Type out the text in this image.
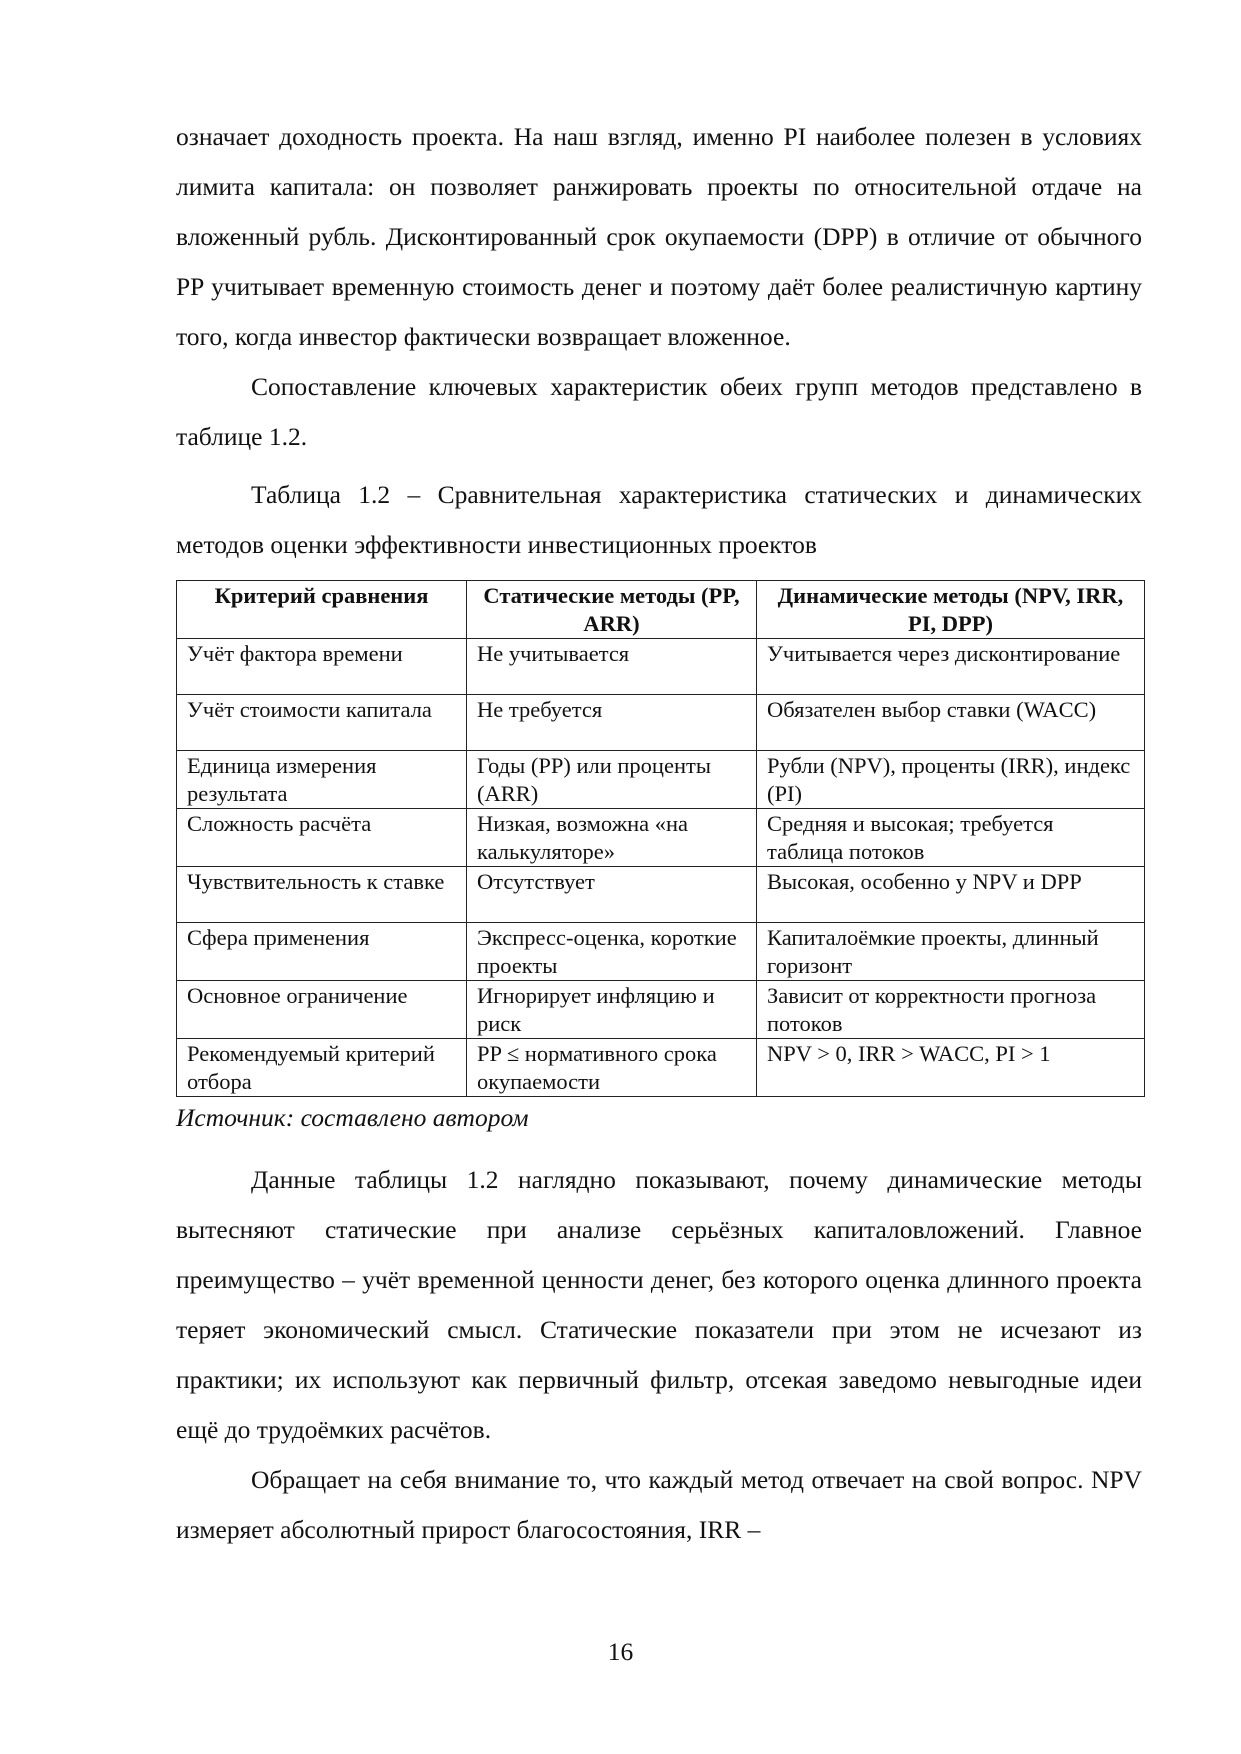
означает доходность проекта. На наш взгляд, именно PI наиболее полезен в условиях лимита капитала: он позволяет ранжировать проекты по относительной отдаче на вложенный рубль. Дисконтированный срок окупаемости (DPP) в отличие от обычного PP учитывает временную стоимость денег и поэтому даёт более реалистичную картину того, когда инвестор фактически возвращает вложенное.

Сопоставление ключевых характеристик обеих групп методов представлено в таблице 1.2.

Таблица 1.2 – Сравнительная характеристика статических и динамических методов оценки эффективности инвестиционных проектов

Критерий сравнения	Статические методы (PP, ARR)	Динамические методы (NPV, IRR, PI, DPP)
Учёт фактора времени	Не учитывается	Учитывается через дисконтирование
Учёт стоимости капитала	Не требуется	Обязателен выбор ставки (WACC)
Единица измерения результата	Годы (PP) или проценты (ARR)	Рубли (NPV), проценты (IRR), индекс (PI)
Сложность расчёта	Низкая, возможна «на калькуляторе»	Средняя и высокая; требуется таблица потоков
Чувствительность к ставке	Отсутствует	Высокая, особенно у NPV и DPP
Сфера применения	Экспресс-оценка, короткие проекты	Капиталоёмкие проекты, длинный горизонт
Основное ограничение	Игнорирует инфляцию и риск	Зависит от корректности прогноза потоков
Рекомендуемый критерий отбора	PP ≤ нормативного срока окупаемости	NPV > 0, IRR > WACC, PI > 1

Источник: составлено автором

Данные таблицы 1.2 наглядно показывают, почему динамические методы вытесняют статические при анализе серьёзных капиталовложений. Главное преимущество – учёт временной ценности денег, без которого оценка длинного проекта теряет экономический смысл. Статические показатели при этом не исчезают из практики; их используют как первичный фильтр, отсекая заведомо невыгодные идеи ещё до трудоёмких расчётов.

Обращает на себя внимание то, что каждый метод отвечает на свой вопрос. NPV измеряет абсолютный прирост благосостояния, IRR –

16
